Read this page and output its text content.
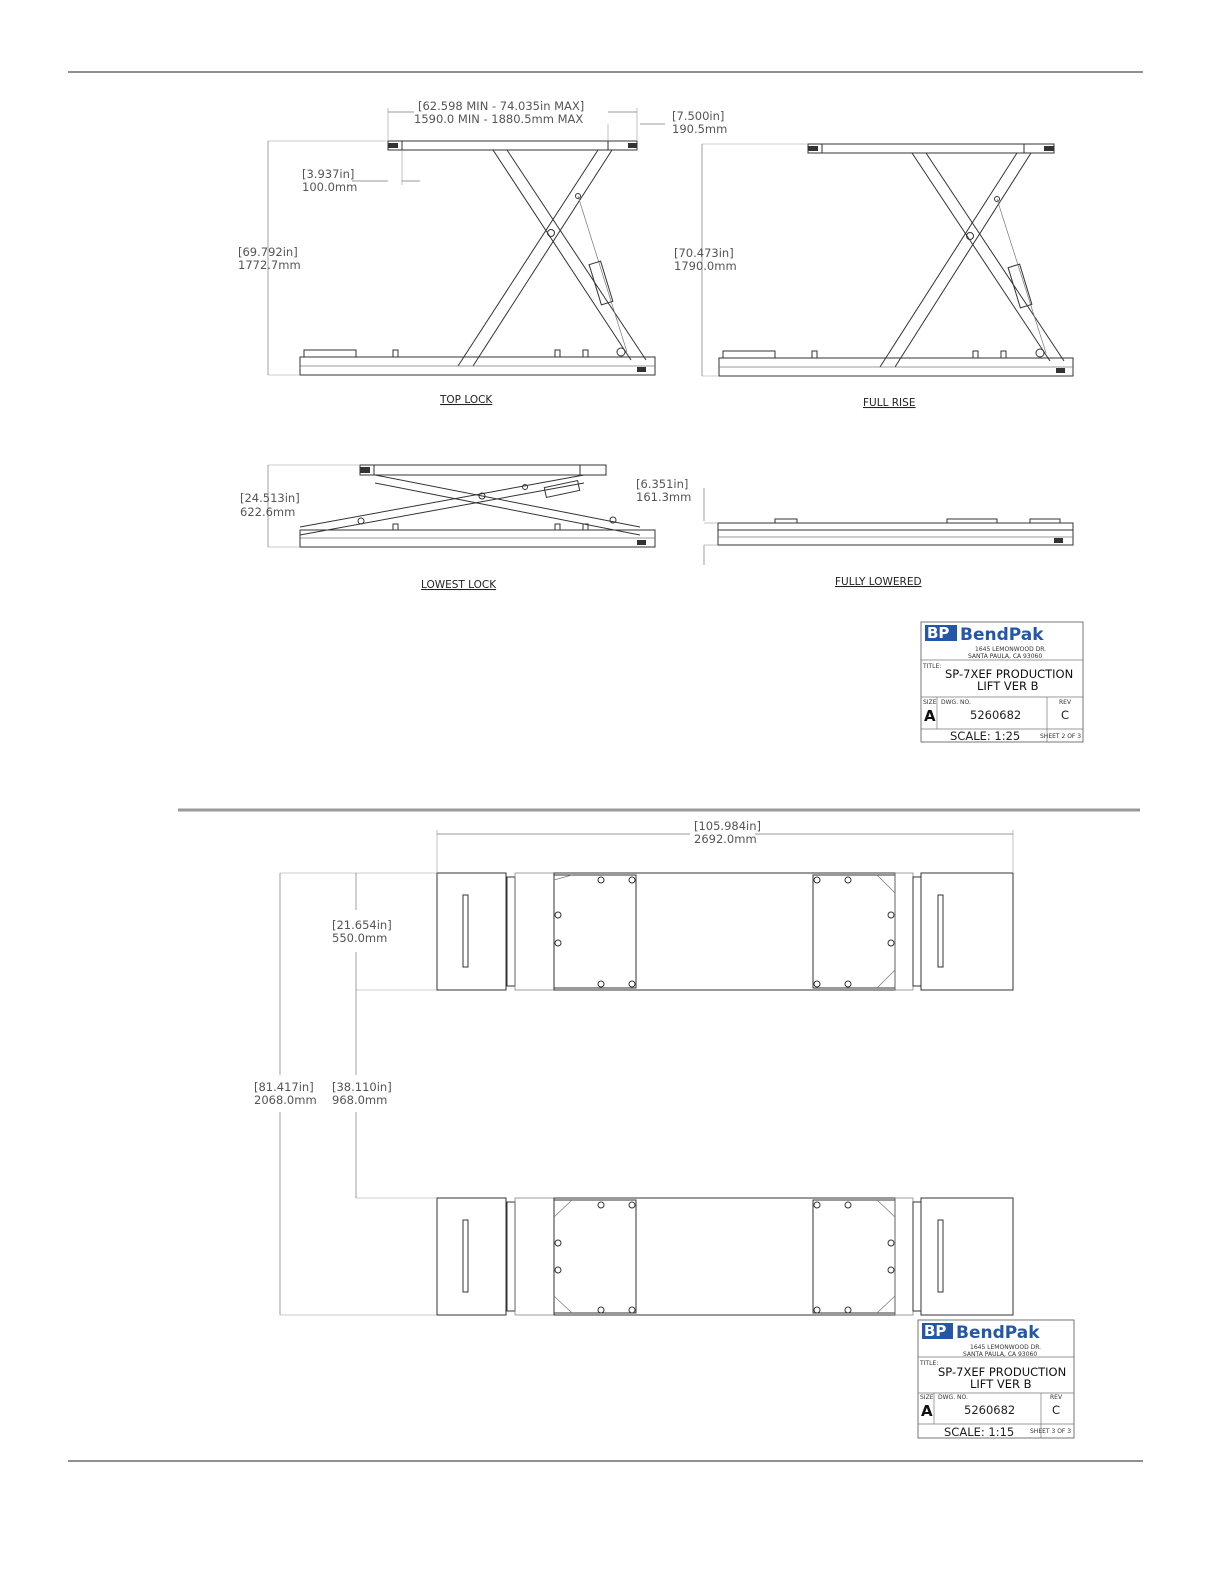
[62.598 MIN - 74.035in MAX]
1590.0 MIN - 1880.5mm MAX	[7.500in]
190.5mm
[3.937in]
100.0mm
[69.792in]
1772.7mm
TOP LOCK
[70.473in]
1790.0mm
FULL RISE
[24.513in]
622.6mm
LOWEST LOCK
[6.351in]
161.3mm
FULLY LOWERED
BP BendPak
1645 LEMONWOOD DR.
SANTA PAULA, CA 93060
TITLE:
SP-7XEF PRODUCTION
LIFT VER B
SIZE
A
DWG. NO.
5260682
REV
C
SCALE: 1:25	SHEET 2 OF 3
[105.984in]
2692.0mm
[21.654in]
550.0mm
[38.110in]
968.0mm
[81.417in]
2068.0mm
BP BendPak
1645 LEMONWOOD DR.
SANTA PAULA, CA 93060
TITLE:
SP-7XEF PRODUCTION
LIFT VER B
SIZE
A
DWG. NO.
5260682
REV
C
SCALE: 1:15	SHEET 3 OF 3
